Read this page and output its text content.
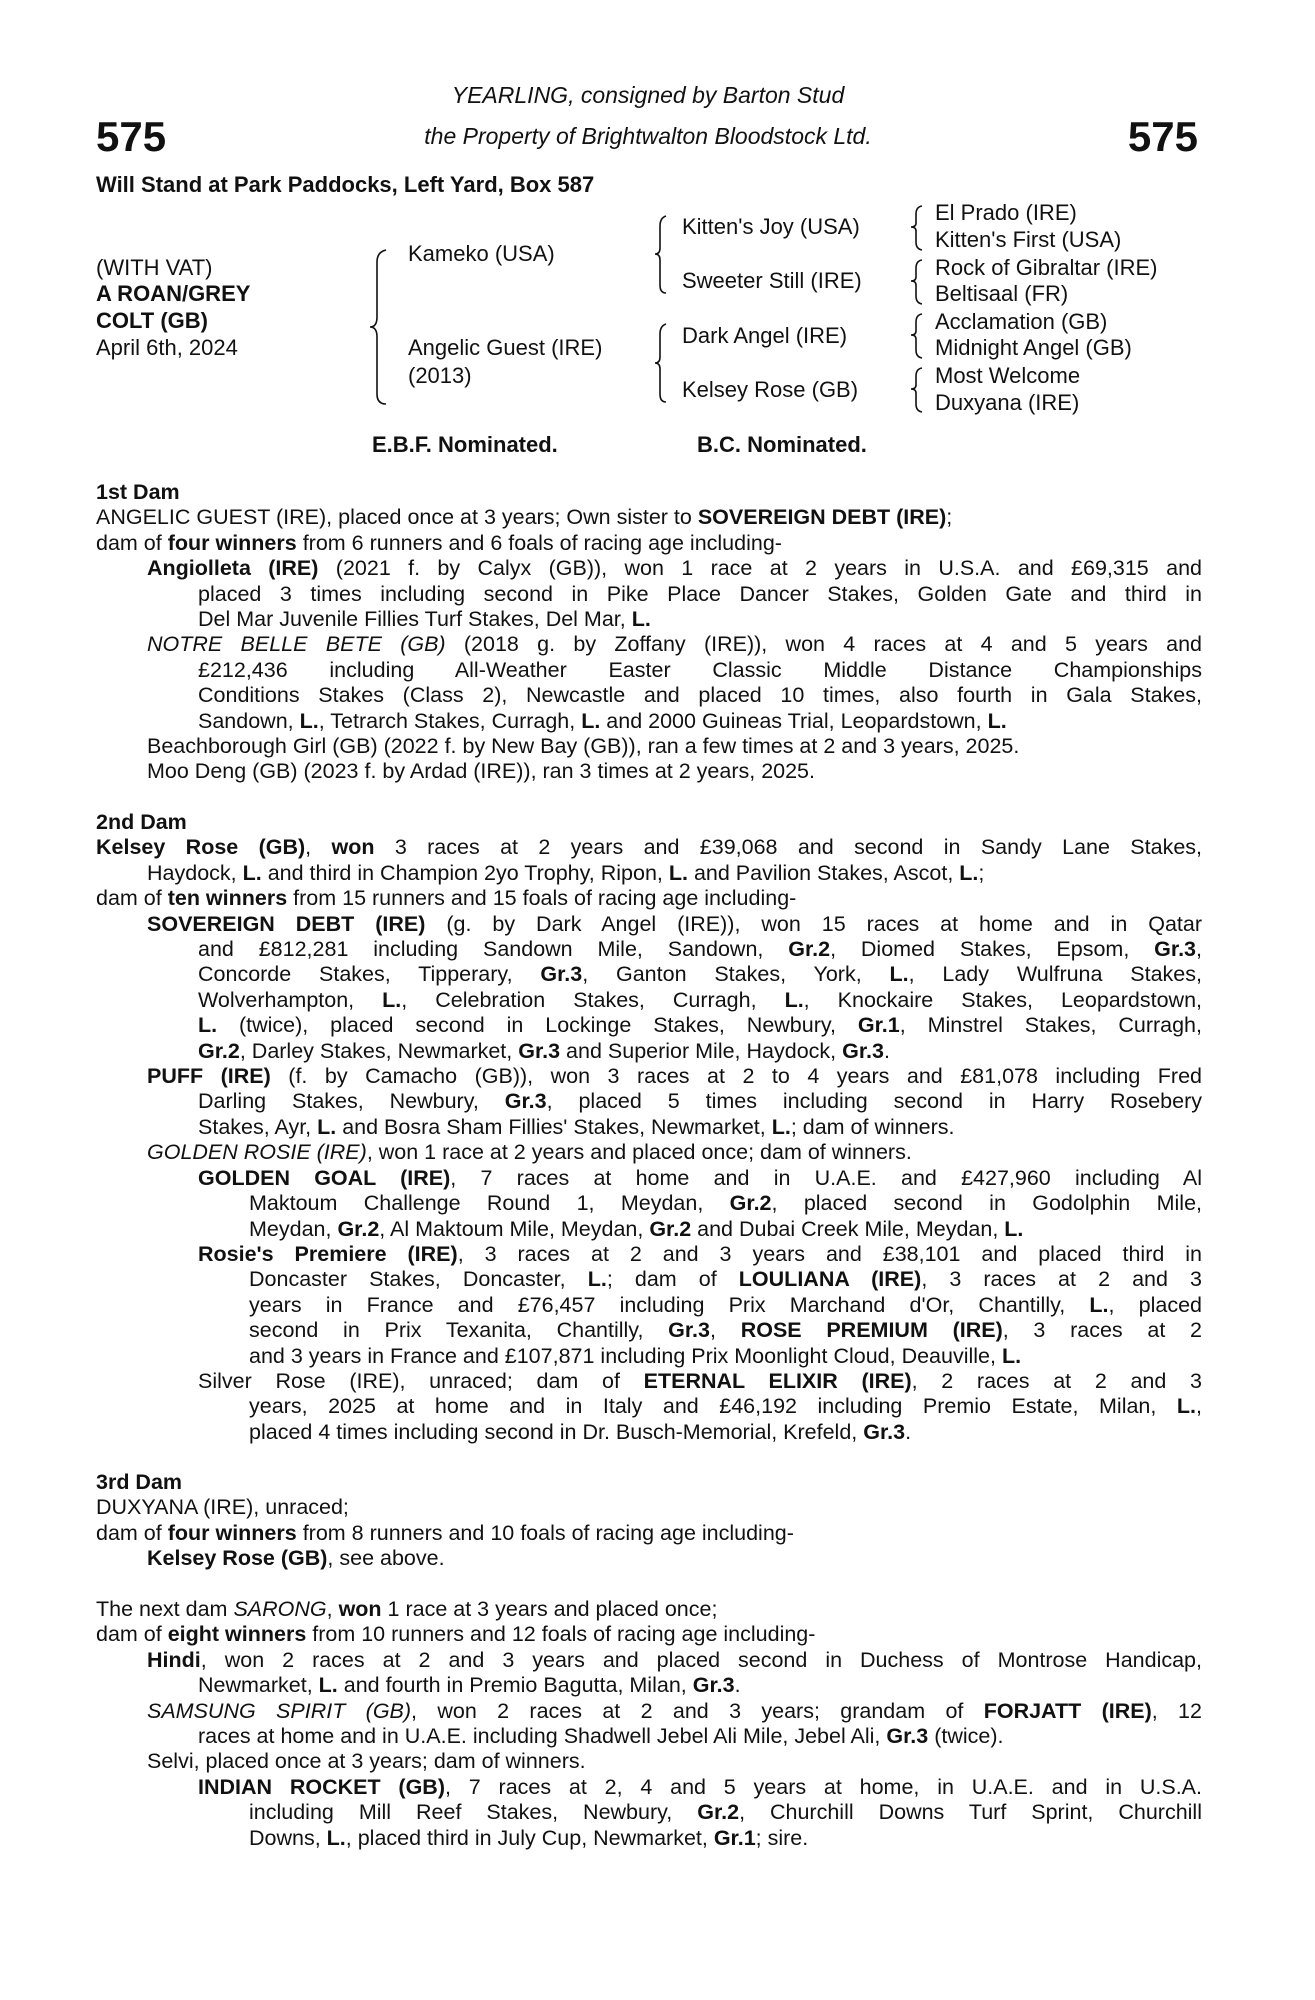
575	575
YEARLING, consigned by Barton Stud
the Property of Brightwalton Bloodstock Ltd.
Will Stand at Park Paddocks, Left Yard, Box 587
(WITH VAT)
A ROAN/GREY
COLT (GB)
April 6th, 2024
Kameko (USA)
Angelic Guest (IRE)
(2013)
Kitten's Joy (USA)
Sweeter Still (IRE)
Dark Angel (IRE)
Kelsey Rose (GB)
El Prado (IRE)
Kitten's First (USA)
Rock of Gibraltar (IRE)
Beltisaal (FR)
Acclamation (GB)
Midnight Angel (GB)
Most Welcome
Duxyana (IRE)
E.B.F. Nominated.	B.C. Nominated.
1st Dam
ANGELIC GUEST (IRE), placed once at 3 years; Own sister to SOVEREIGN DEBT (IRE);
dam of four winners from 6 runners and 6 foals of racing age including-
Angiolleta (IRE) (2021 f. by Calyx (GB)), won 1 race at 2 years in U.S.A. and £69,315 and
placed 3 times including second in Pike Place Dancer Stakes, Golden Gate and third in
Del Mar Juvenile Fillies Turf Stakes, Del Mar, L.
NOTRE BELLE BETE (GB) (2018 g. by Zoffany (IRE)), won 4 races at 4 and 5 years and
£212,436 including All-Weather Easter Classic Middle Distance Championships
Conditions Stakes (Class 2), Newcastle and placed 10 times, also fourth in Gala Stakes,
Sandown, L., Tetrarch Stakes, Curragh, L. and 2000 Guineas Trial, Leopardstown, L.
Beachborough Girl (GB) (2022 f. by New Bay (GB)), ran a few times at 2 and 3 years, 2025.
Moo Deng (GB) (2023 f. by Ardad (IRE)), ran 3 times at 2 years, 2025.
2nd Dam
Kelsey Rose (GB), won 3 races at 2 years and £39,068 and second in Sandy Lane Stakes,
Haydock, L. and third in Champion 2yo Trophy, Ripon, L. and Pavilion Stakes, Ascot, L.;
dam of ten winners from 15 runners and 15 foals of racing age including-
SOVEREIGN DEBT (IRE) (g. by Dark Angel (IRE)), won 15 races at home and in Qatar
and £812,281 including Sandown Mile, Sandown, Gr.2, Diomed Stakes, Epsom, Gr.3,
Concorde Stakes, Tipperary, Gr.3, Ganton Stakes, York, L., Lady Wulfruna Stakes,
Wolverhampton, L., Celebration Stakes, Curragh, L., Knockaire Stakes, Leopardstown,
L. (twice), placed second in Lockinge Stakes, Newbury, Gr.1, Minstrel Stakes, Curragh,
Gr.2, Darley Stakes, Newmarket, Gr.3 and Superior Mile, Haydock, Gr.3.
PUFF (IRE) (f. by Camacho (GB)), won 3 races at 2 to 4 years and £81,078 including Fred
Darling Stakes, Newbury, Gr.3, placed 5 times including second in Harry Rosebery
Stakes, Ayr, L. and Bosra Sham Fillies' Stakes, Newmarket, L.; dam of winners.
GOLDEN ROSIE (IRE), won 1 race at 2 years and placed once; dam of winners.
GOLDEN GOAL (IRE), 7 races at home and in U.A.E. and £427,960 including Al
Maktoum Challenge Round 1, Meydan, Gr.2, placed second in Godolphin Mile,
Meydan, Gr.2, Al Maktoum Mile, Meydan, Gr.2 and Dubai Creek Mile, Meydan, L.
Rosie's Premiere (IRE), 3 races at 2 and 3 years and £38,101 and placed third in
Doncaster Stakes, Doncaster, L.; dam of LOULIANA (IRE), 3 races at 2 and 3
years in France and £76,457 including Prix Marchand d'Or, Chantilly, L., placed
second in Prix Texanita, Chantilly, Gr.3, ROSE PREMIUM (IRE), 3 races at 2
and 3 years in France and £107,871 including Prix Moonlight Cloud, Deauville, L.
Silver Rose (IRE), unraced; dam of ETERNAL ELIXIR (IRE), 2 races at 2 and 3
years, 2025 at home and in Italy and £46,192 including Premio Estate, Milan, L.,
placed 4 times including second in Dr. Busch-Memorial, Krefeld, Gr.3.
3rd Dam
DUXYANA (IRE), unraced;
dam of four winners from 8 runners and 10 foals of racing age including-
Kelsey Rose (GB), see above.
The next dam SARONG, won 1 race at 3 years and placed once;
dam of eight winners from 10 runners and 12 foals of racing age including-
Hindi, won 2 races at 2 and 3 years and placed second in Duchess of Montrose Handicap,
Newmarket, L. and fourth in Premio Bagutta, Milan, Gr.3.
SAMSUNG SPIRIT (GB), won 2 races at 2 and 3 years; grandam of FORJATT (IRE), 12
races at home and in U.A.E. including Shadwell Jebel Ali Mile, Jebel Ali, Gr.3 (twice).
Selvi, placed once at 3 years; dam of winners.
INDIAN ROCKET (GB), 7 races at 2, 4 and 5 years at home, in U.A.E. and in U.S.A.
including Mill Reef Stakes, Newbury, Gr.2, Churchill Downs Turf Sprint, Churchill
Downs, L., placed third in July Cup, Newmarket, Gr.1; sire.
